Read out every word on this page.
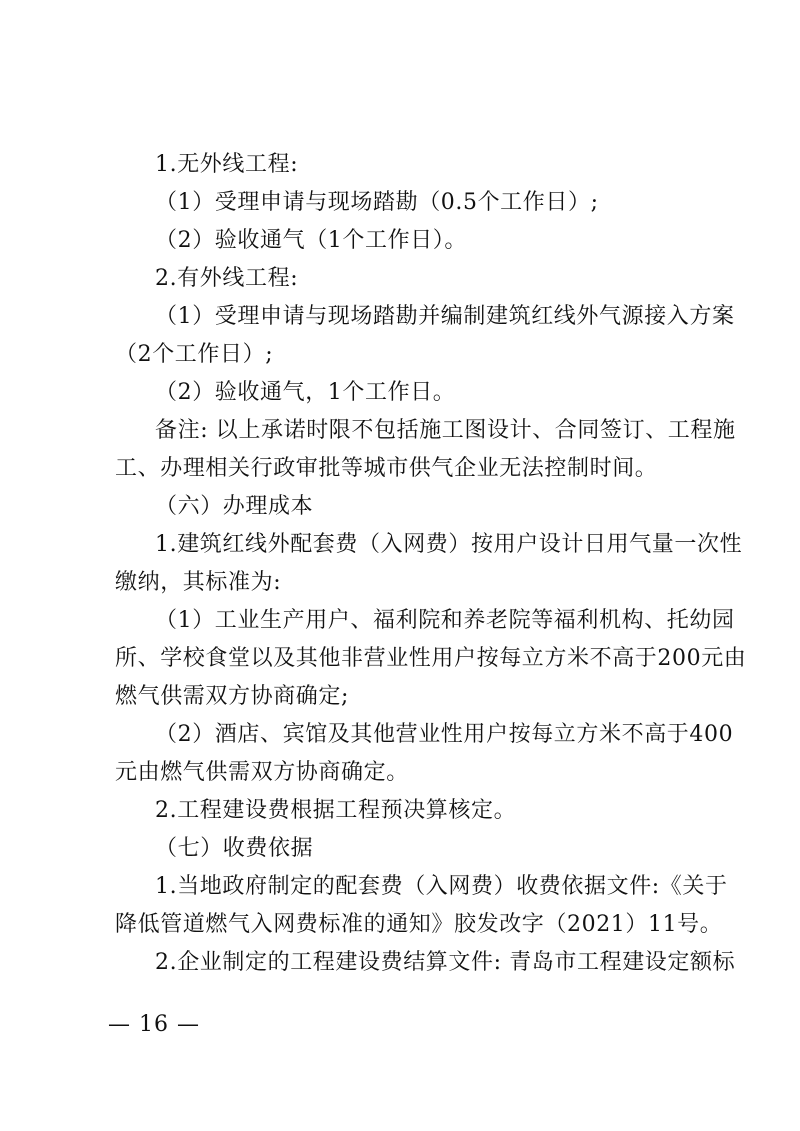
1.无外线工程:
（1）受理申请与现场踏勘（0.5个工作日）;
（2）验收通气（1个工作日）。
2.有外线工程:
（1）受理申请与现场踏勘并编制建筑红线外气源接入方案
（2个工作日）;
（2）验收通气，1个工作日。
备注: 以上承诺时限不包括施工图设计、合同签订、工程施
工、办理相关行政审批等城市供气企业无法控制时间。
（六）办理成本
1.建筑红线外配套费（入网费）按用户设计日用气量一次性
缴纳，其标准为:
（1）工业生产用户、福利院和养老院等福利机构、托幼园
所、学校食堂以及其他非营业性用户按每立方米不高于200元由
燃气供需双方协商确定;
（2）酒店、宾馆及其他营业性用户按每立方米不高于400
元由燃气供需双方协商确定。
2.工程建设费根据工程预决算核定。
（七）收费依据
1.当地政府制定的配套费（入网费）收费依据文件:《关于
降低管道燃气入网费标准的通知》胶发改字（2021）11号。
2.企业制定的工程建设费结算文件: 青岛市工程建设定额标
— 16 —
